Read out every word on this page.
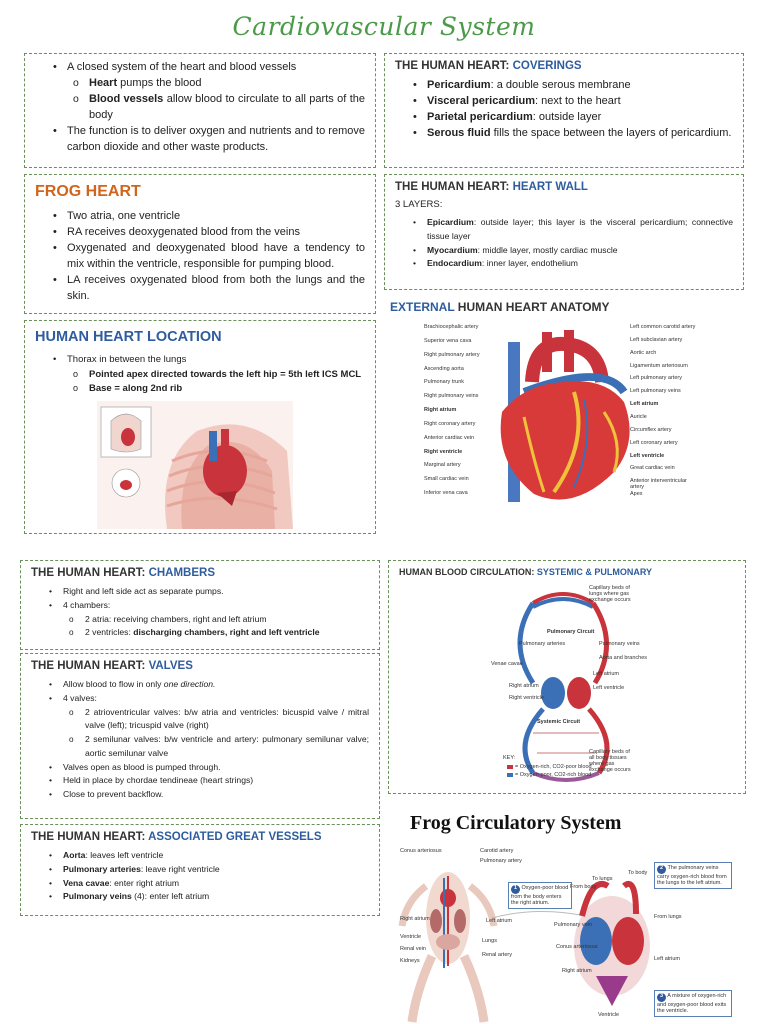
Cardiovascular System
• A closed system of the heart and blood vessels
o Heart pumps the blood
o Blood vessels allow blood to circulate to all parts of the body
• The function is to deliver oxygen and nutrients and to remove carbon dioxide and other waste products.
FROG HEART
• Two atria, one ventricle
• RA receives deoxygenated blood from the veins
• Oxygenated and deoxygenated blood have a tendency to mix within the ventricle, responsible for pumping blood.
• LA receives oxygenated blood from both the lungs and the skin.
HUMAN HEART LOCATION
• Thorax in between the lungs
o Pointed apex directed towards the left hip = 5th left ICS MCL
o Base = along 2nd rib
THE HUMAN HEART: COVERINGS
• Pericardium: a double serous membrane
• Visceral pericardium: next to the heart
• Parietal pericardium: outside layer
• Serous fluid fills the space between the layers of pericardium.
THE HUMAN HEART: HEART WALL
3 LAYERS:
• Epicardium: outside layer; this layer is the visceral pericardium; connective tissue layer
• Myocardium: middle layer, mostly cardiac muscle
• Endocardium: inner layer, endothelium
EXTERNAL HUMAN HEART ANATOMY
Brachiocephalic artery
Superior vena cava
Right pulmonary artery
Ascending aorta
Pulmonary trunk
Right pulmonary veins
Right atrium
Right coronary artery
Anterior cardiac vein
Right ventricle
Marginal artery
Small cardiac vein
Inferior vena cava
Left common carotid artery
Left subclavian artery
Aortic arch
Ligamentum arteriosum
Left pulmonary artery
Left pulmonary veins
Left atrium
Auricle
Circumflex artery
Left coronary artery
Left ventricle
Great cardiac vein
Anterior interventricular artery
Apex
THE HUMAN HEART: CHAMBERS
• Right and left side act as separate pumps.
• 4 chambers:
o 2 atria: receiving chambers, right and left atrium
o 2 ventricles: discharging chambers, right and left ventricle
THE HUMAN HEART: VALVES
• Allow blood to flow in only one direction.
• 4 valves:
o 2 atrioventricular valves: b/w atria and ventricles: bicuspid valve / mitral valve (left); tricuspid valve (right)
o 2 semilunar valves: b/w ventricle and artery: pulmonary semilunar valve; aortic semilunar valve
• Valves open as blood is pumped through.
• Held in place by chordae tendineae (heart strings)
• Close to prevent backflow.
THE HUMAN HEART: ASSOCIATED GREAT VESSELS
• Aorta: leaves left ventricle
• Pulmonary arteries: leave right ventricle
• Vena cavae: enter right atrium
• Pulmonary veins (4): enter left atrium
HUMAN BLOOD CIRCULATION: SYSTEMIC & PULMONARY
Capillary beds of lungs where gas exchange occurs
Pulmonary Circuit
Pulmonary arteries	Pulmonary veins
Aorta and branches
Venae cavae
Left atrium
Left ventricle
Right atrium
Right ventricle
Systemic Circuit
Capillary beds of all body tissues where gas exchange occurs
KEY:
= Oxygen-rich, CO2-poor blood
= Oxygen-poor, CO2-rich blood
Frog Circulatory System
Conus arteriosus
Right atrium
Ventricle
Renal vein
Kidneys
Carotid artery
Pulmonary artery
Left atrium
Lungs
Renal artery
To lungs
To body
From body
From lungs
Pulmonary vein
Conus arteriosus
Right atrium
Left atrium
Ventricle
1 Oxygen-poor blood from the body enters the right atrium.
2 The pulmonary veins carry oxygen-rich blood from the lungs to the left atrium.
3 A mixture of oxygen-rich and oxygen-poor blood exits the ventricle.
